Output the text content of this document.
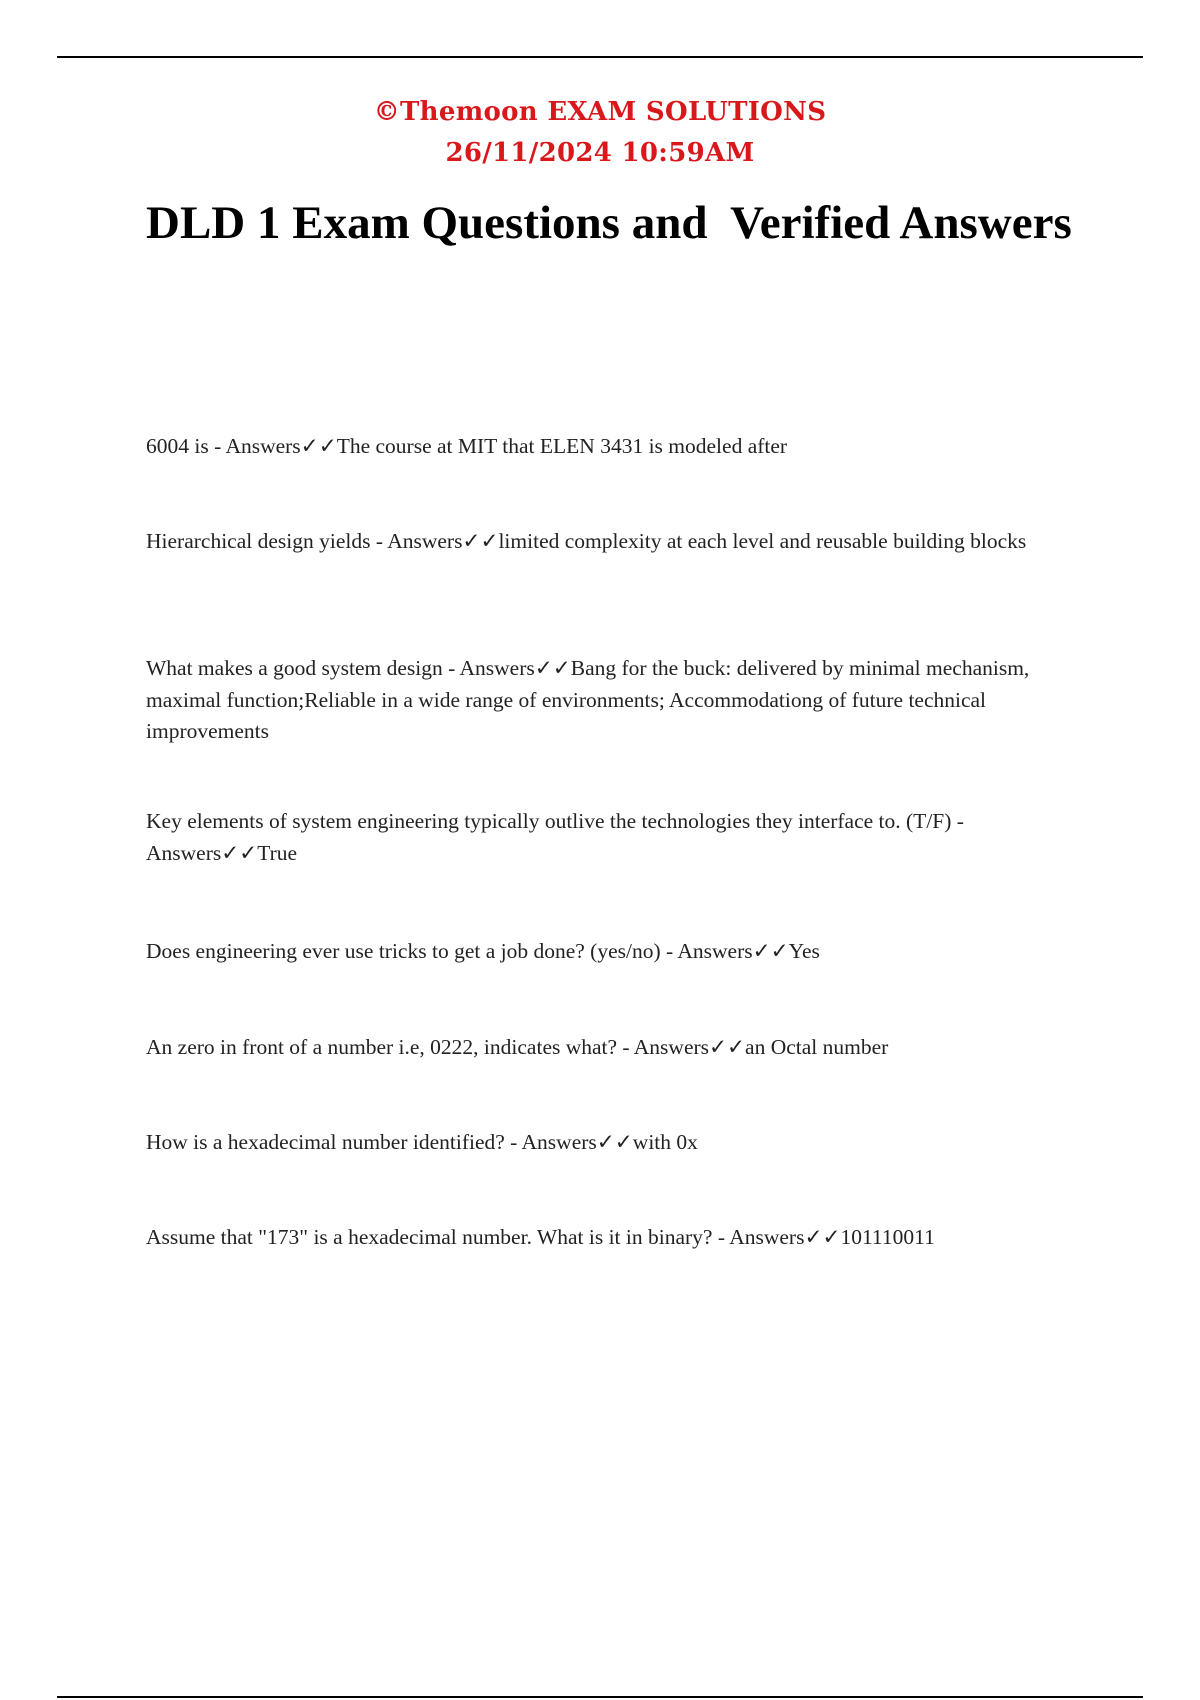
©Themoon EXAM SOLUTIONS
26/11/2024 10:59AM
DLD 1 Exam Questions and  Verified Answers

6004 is - Answers✓✓The course at MIT that ELEN 3431 is modeled after

Hierarchical design yields - Answers✓✓limited complexity at each level and reusable building blocks

What makes a good system design - Answers✓✓Bang for the buck: delivered by minimal mechanism, maximal function;Reliable in a wide range of environments; Accommodationg of future technical improvements

Key elements of system engineering typically outlive the technologies they interface to. (T/F) - Answers✓✓True

Does engineering ever use tricks to get a job done? (yes/no) - Answers✓✓Yes

An zero in front of a number i.e, 0222, indicates what? - Answers✓✓an Octal number

How is a hexadecimal number identified? - Answers✓✓with 0x

Assume that "173" is a hexadecimal number. What is it in binary? - Answers✓✓101110011
